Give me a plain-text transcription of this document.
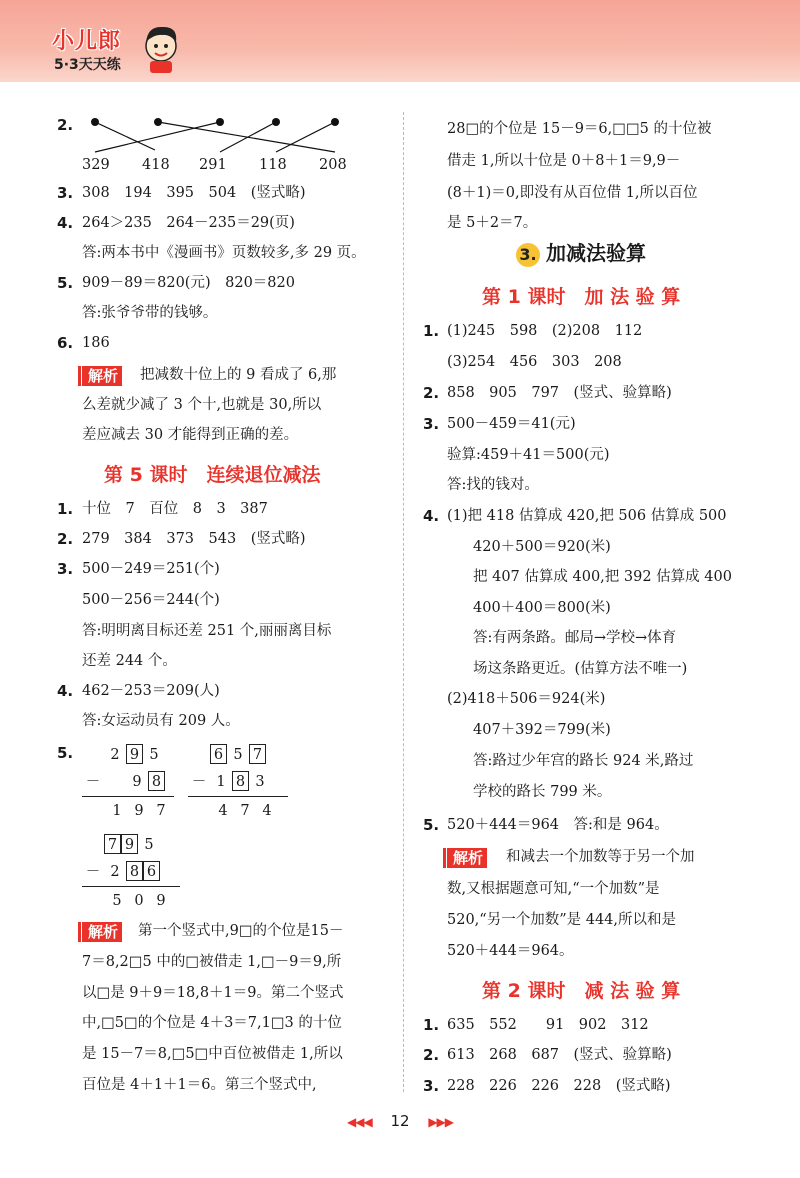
小儿郎
5·3天天练
2.
329 418 291 118 208
3. 308　194　395　504　(竖式略)
4. 264＞235　264－235＝29(页)
答:两本书中《漫画书》页数较多,多 29 页。
5. 909－89＝820(元)　820＝820
答:张爷爷带的钱够。
6. 186
解析 把减数十位上的 9 看成了 6,那
么差就少减了 3 个十,也就是 30,所以
差应减去 30 才能得到正确的差。
第 5 课时　连续退位减法
1. 十位　7　百位　8　3　387
2. 279　384　373　543　(竖式略)
3. 500－249＝251(个)
500－256＝244(个)
答:明明离目标还差 251 个,丽丽离目标
还差 244 个。
4. 462－253＝209(人)
答:女运动员有 209 人。
5.	2 9 5
－ 9 8
1 9 7
6 5 7
－ 1 8 3
4 7 4
7 9 5
－ 2 8 6
5 0 9
解析 第一个竖式中,9□的个位是15－
7＝8,2□5 中的□被借走 1,□－9＝9,所
以□是 9＋9＝18,8＋1＝9。第二个竖式
中,□5□的个位是 4＋3＝7,1□3 的十位
是 15－7＝8,□5□中百位被借走 1,所以
百位是 4＋1＋1＝6。第三个竖式中,
28□的个位是 15－9＝6,□□5 的十位被
借走 1,所以十位是 0＋8＋1＝9,9－
(8＋1)＝0,即没有从百位借 1,所以百位
是 5＋2＝7。
3. 加减法验算
第 1 课时　加 法 验 算
1. (1)245　598　(2)208　112
(3)254　456　303　208
2. 858　905　797　(竖式、验算略)
3. 500－459＝41(元)
验算:459＋41＝500(元)
答:找的钱对。
4. (1)把 418 估算成 420,把 506 估算成 500
420＋500＝920(米)
把 407 估算成 400,把 392 估算成 400
400＋400＝800(米)
答:有两条路。邮局→学校→体育
场这条路更近。(估算方法不唯一)
(2)418＋506＝924(米)
407＋392＝799(米)
答:路过少年宫的路长 924 米,路过
学校的路长 799 米。
5. 520＋444＝964　答:和是 964。
解析 和减去一个加数等于另一个加
数,又根据题意可知,“一个加数”是
520,“另一个加数”是 444,所以和是
520＋444＝964。
第 2 课时　减 法 验 算
1. 635　552　　91　902　312
2. 613　268　687　(竖式、验算略)
3. 228　226　226　228　(竖式略)
◀◀◀ 12 ▶▶▶
